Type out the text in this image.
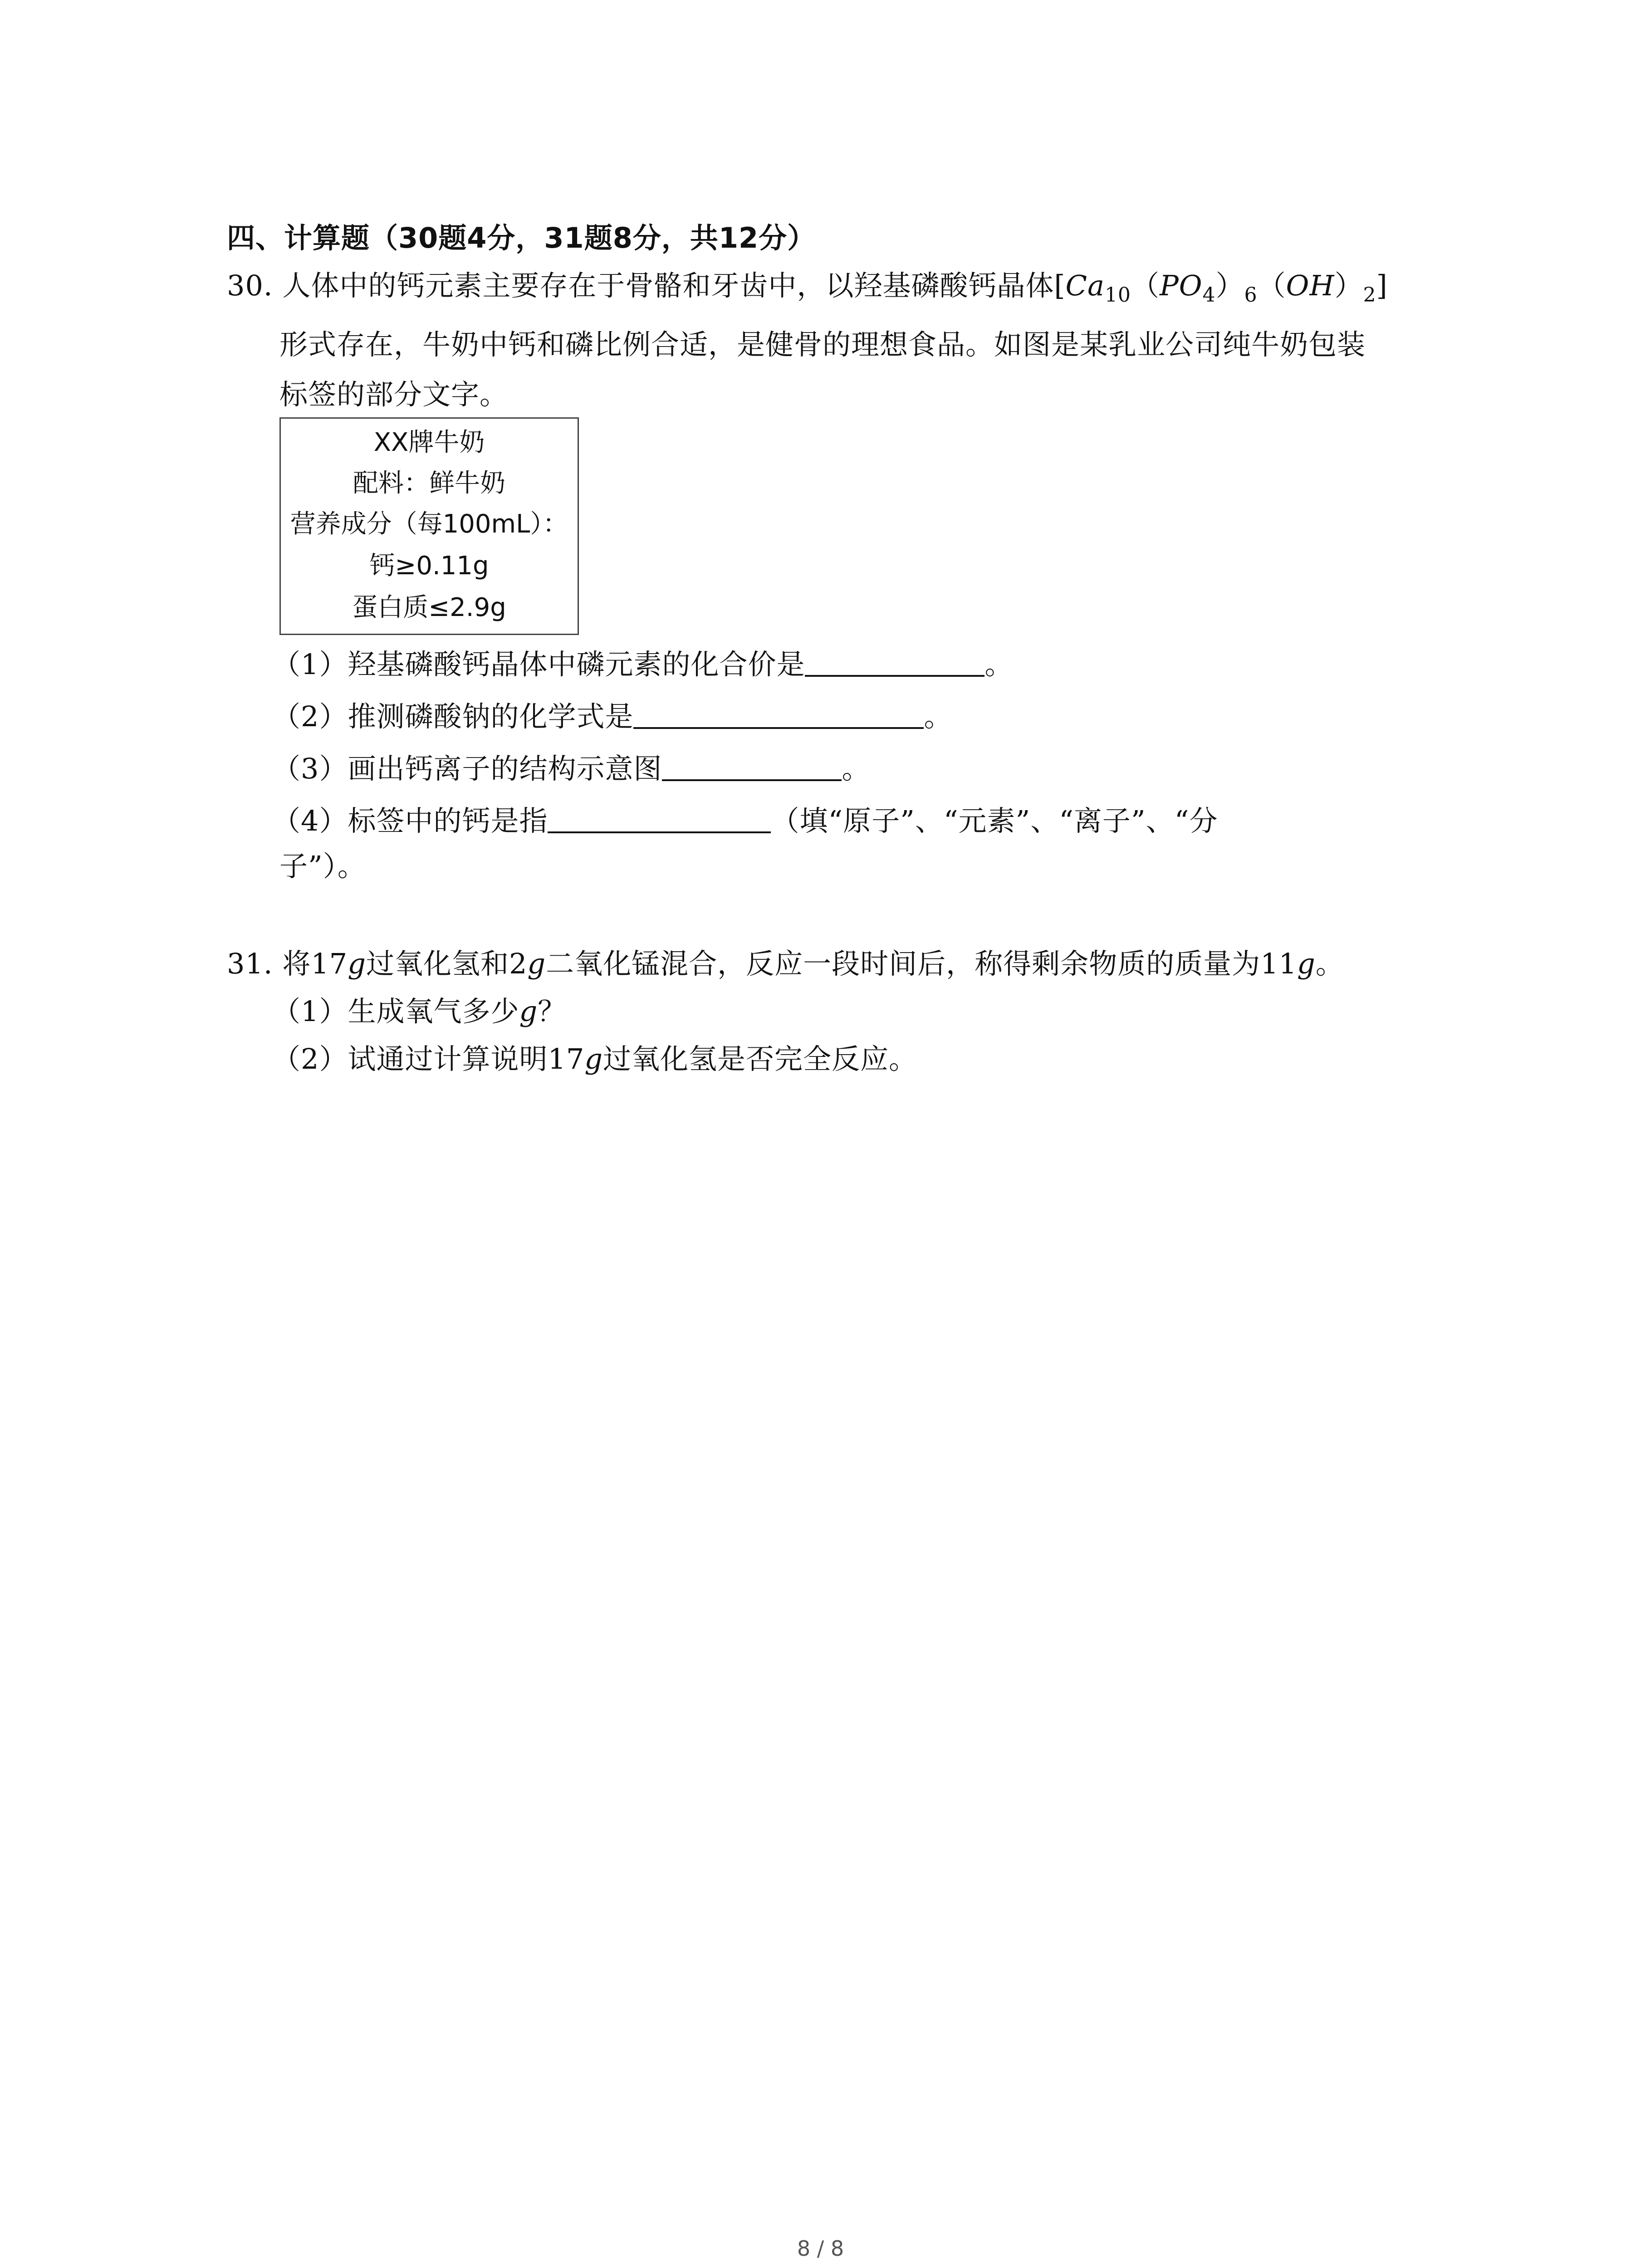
四、计算题（30题4分，31题8分，共12分）
30. 人体中的钙元素主要存在于骨骼和牙齿中，以羟基磷酸钙晶体$[Ca_{10}(PO_4)_6(OH)_2]$
形式存在，牛奶中钙和磷比例合适，是健骨的理想食品。如图是某乳业公司纯牛奶包装
标签的部分文字。
XX牌牛奶
配料：鲜牛奶
营养成分（每100mL）：
钙≥0.11g
蛋白质≤2.9g
（1）羟基磷酸钙晶体中磷元素的化合价是	。
（2）推测磷酸钠的化学式是	。
（3）画出钙离子的结构示意图	。
（4）标签中的钙是指	（填“原子”、“元素”、“离子”、“分
子”）。
31. 将17g过氧化氢和2g二氧化锰混合，反应一段时间后，称得剩余物质的质量为11g。
（1）生成氧气多少g？
（2）试通过计算说明17g过氧化氢是否完全反应。
8 / 8
